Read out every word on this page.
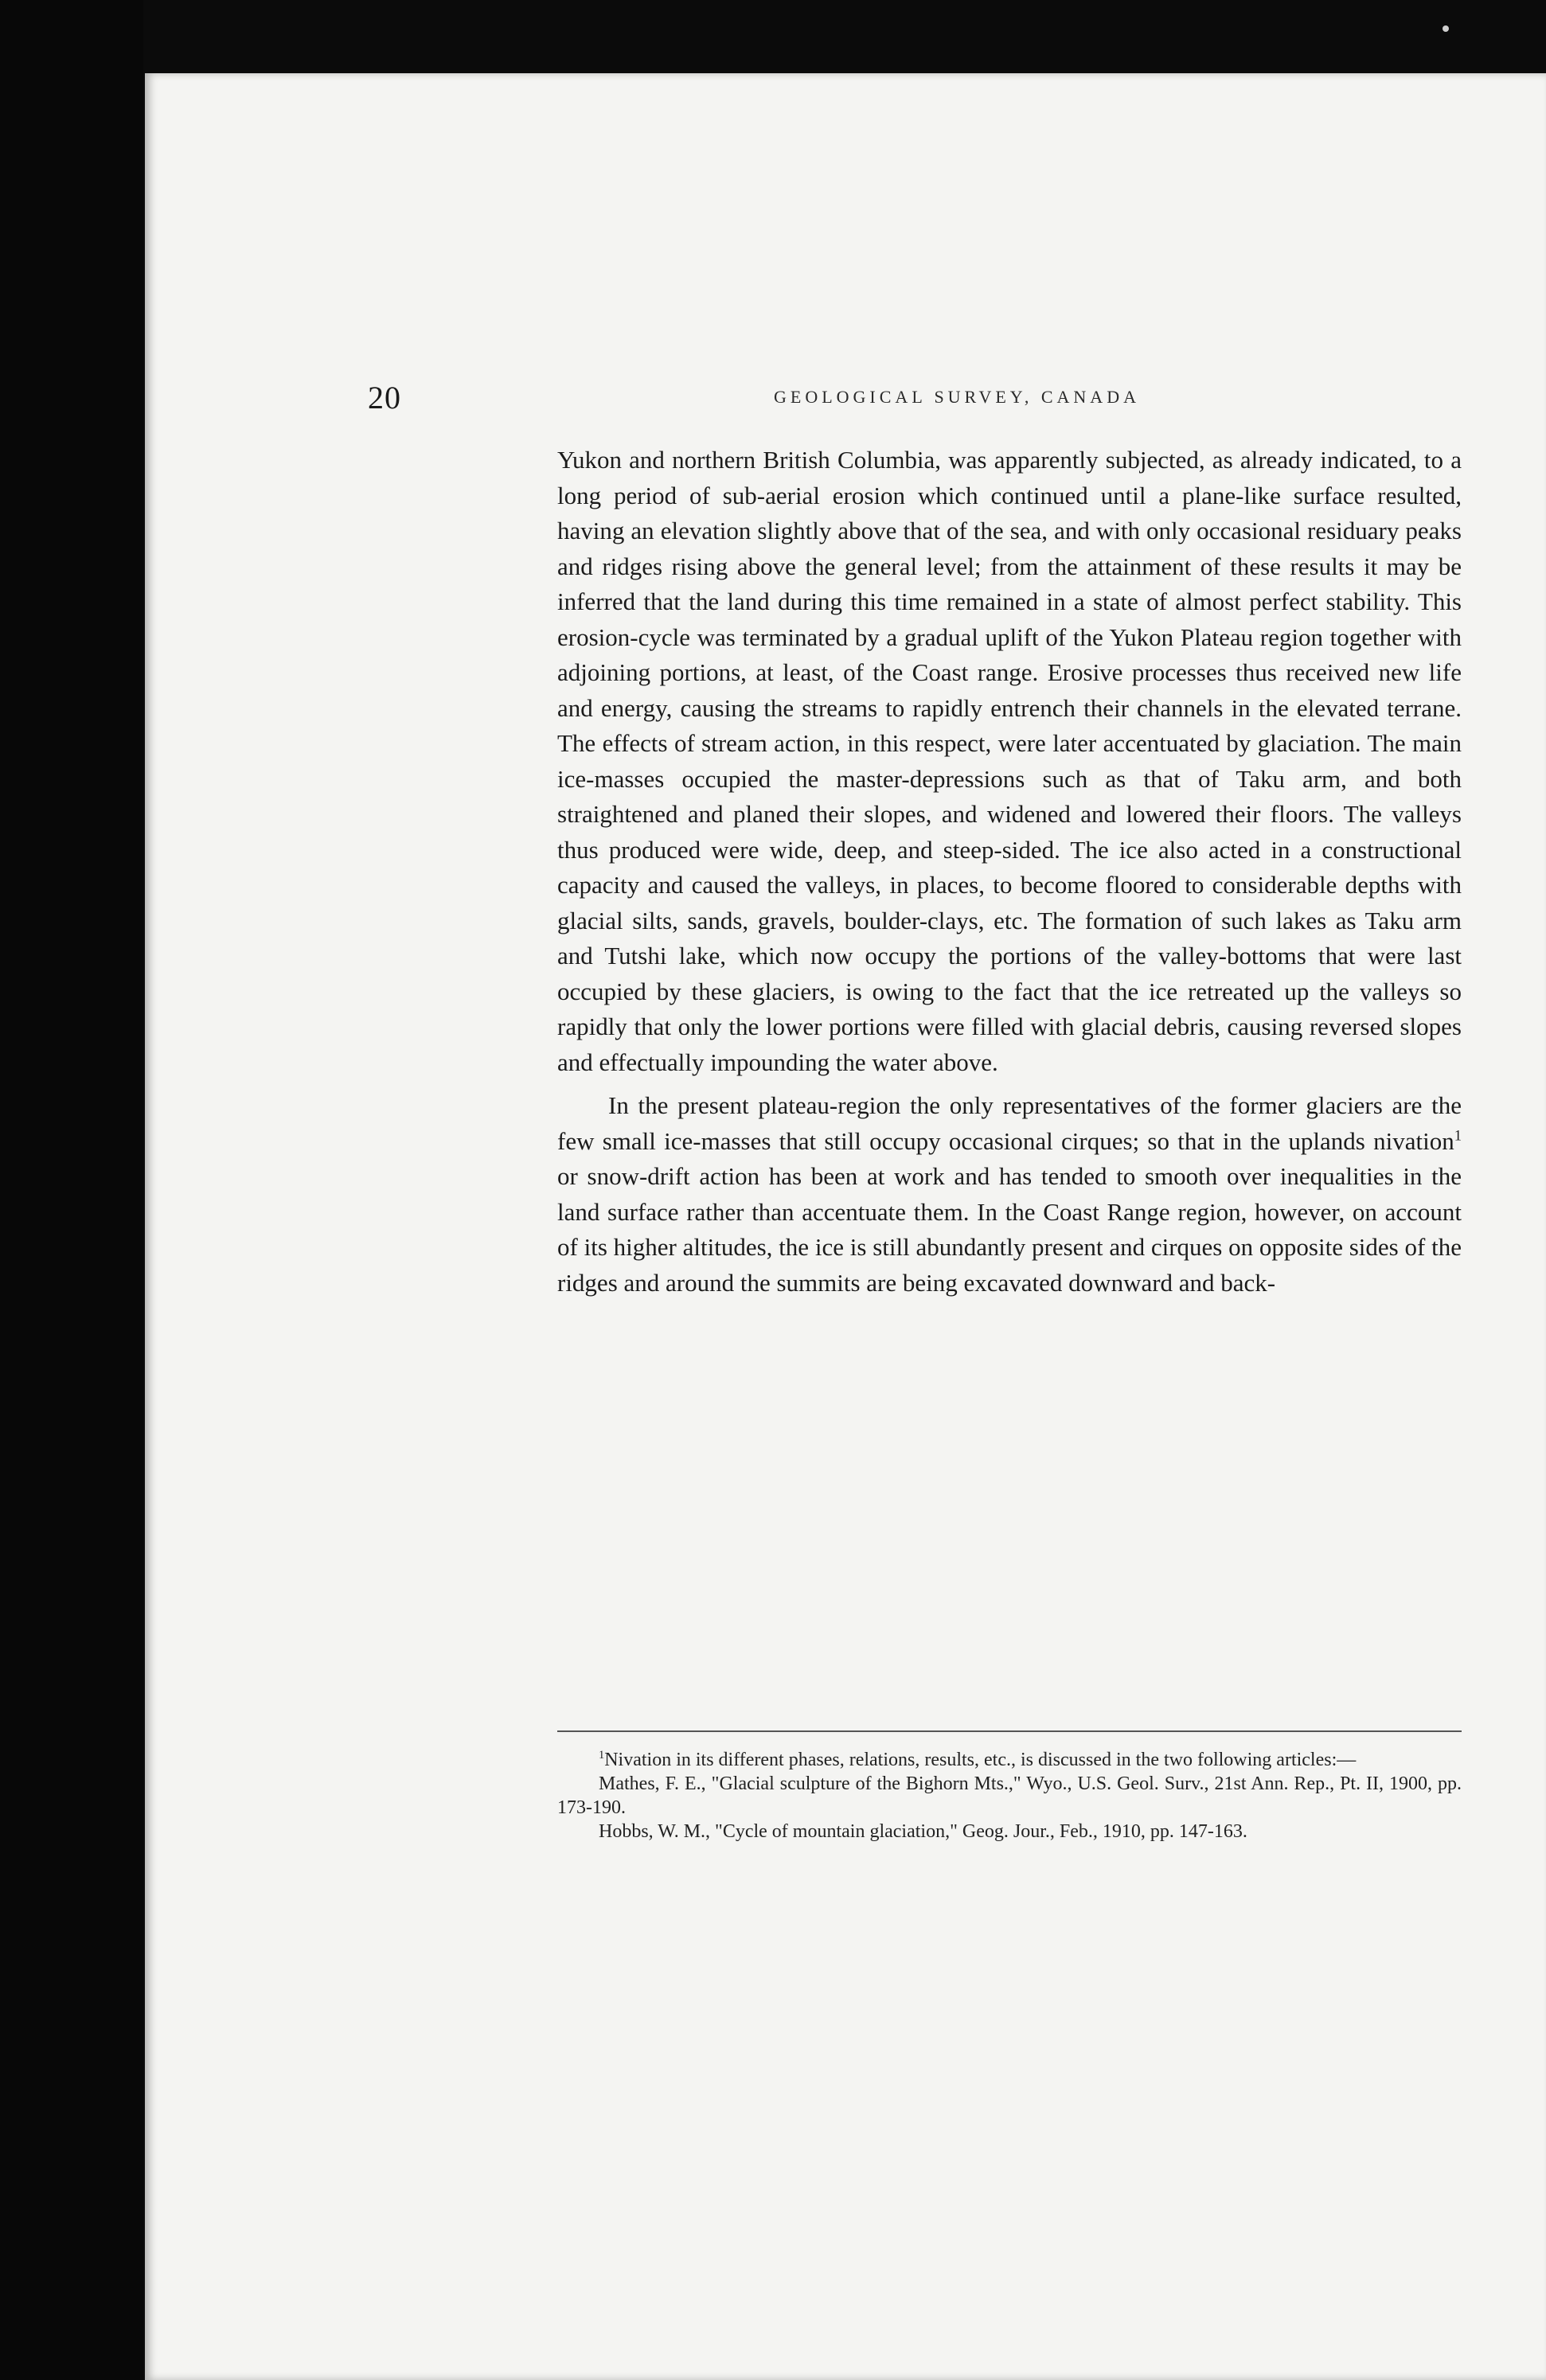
20	GEOLOGICAL SURVEY, CANADA

Yukon and northern British Columbia, was apparently subjected, as already indicated, to a long period of sub-aerial erosion which continued until a plane-like surface resulted, having an elevation slightly above that of the sea, and with only occasional residuary peaks and ridges rising above the general level; from the attainment of these results it may be inferred that the land during this time remained in a state of almost perfect stability. This erosion-cycle was terminated by a gradual uplift of the Yukon Plateau region together with adjoining portions, at least, of the Coast range. Erosive processes thus received new life and energy, causing the streams to rapidly entrench their channels in the elevated terrane. The effects of stream action, in this respect, were later accentuated by glaciation. The main ice-masses occupied the master-depressions such as that of Taku arm, and both straightened and planed their slopes, and widened and lowered their floors. The valleys thus produced were wide, deep, and steep-sided. The ice also acted in a constructional capacity and caused the valleys, in places, to become floored to considerable depths with glacial silts, sands, gravels, boulder-clays, etc. The formation of such lakes as Taku arm and Tutshi lake, which now occupy the portions of the valley-bottoms that were last occupied by these glaciers, is owing to the fact that the ice retreated up the valleys so rapidly that only the lower portions were filled with glacial debris, causing reversed slopes and effectually impounding the water above.

In the present plateau-region the only representatives of the former glaciers are the few small ice-masses that still occupy occasional cirques; so that in the uplands nivation$^1$ or snow-drift action has been at work and has tended to smooth over inequalities in the land surface rather than accentuate them. In the Coast Range region, however, on account of its higher altitudes, the ice is still abundantly present and cirques on opposite sides of the ridges and around the summits are being excavated downward and back-

$^1$Nivation in its different phases, relations, results, etc., is discussed in the two following articles:—

Mathes, F. E., "Glacial sculpture of the Bighorn Mts.," Wyo., U.S. Geol. Surv., 21st Ann. Rep., Pt. II, 1900, pp. 173-190.

Hobbs, W. M., "Cycle of mountain glaciation," Geog. Jour., Feb., 1910, pp. 147-163.
